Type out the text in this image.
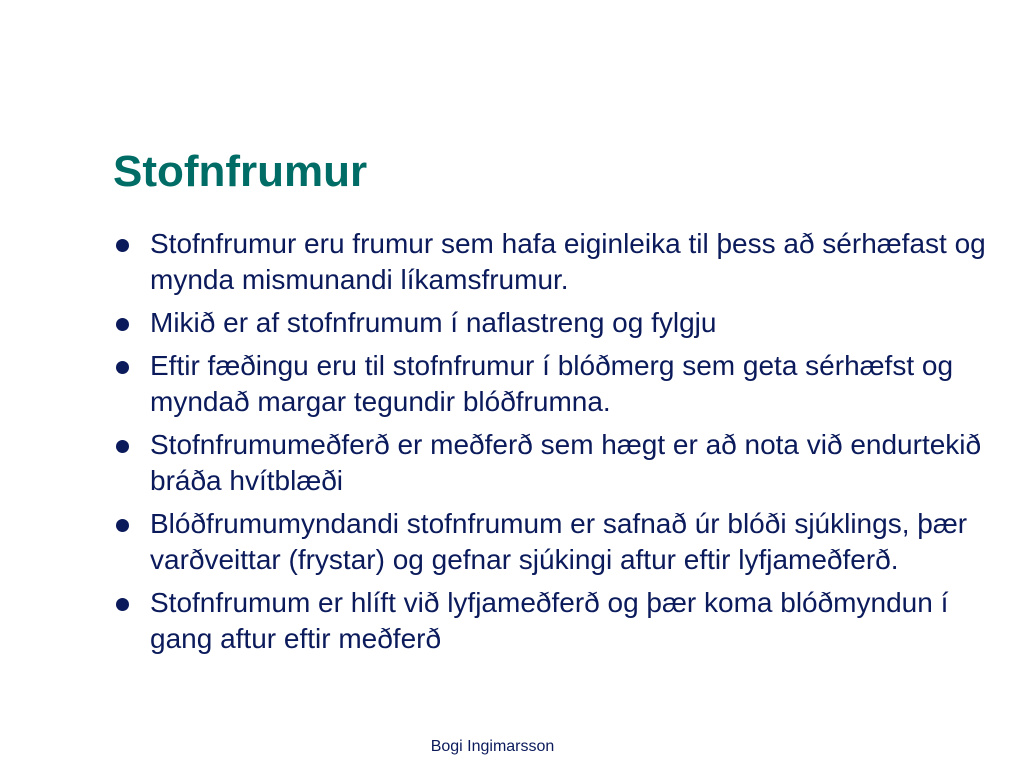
Stofnfrumur
Stofnfrumur eru frumur sem hafa eiginleika til þess að sérhæfast og mynda mismunandi líkamsfrumur.
Mikið er af stofnfrumum í naflastreng og fylgju
Eftir fæðingu eru til stofnfrumur í blóðmerg sem geta sérhæfst og myndað margar tegundir blóðfrumna.
Stofnfrumumeðferð er meðferð sem hægt er að nota við endurtekið bráða hvítblæði
Blóðfrumumyndandi stofnfrumum er safnað úr blóði sjúklings, þær varðveittar (frystar) og gefnar sjúkingi aftur eftir lyfjameðferð.
Stofnfrumum er hlíft við lyfjameðferð og þær koma blóðmyndun í gang aftur eftir meðferð
Bogi Ingimarsson
